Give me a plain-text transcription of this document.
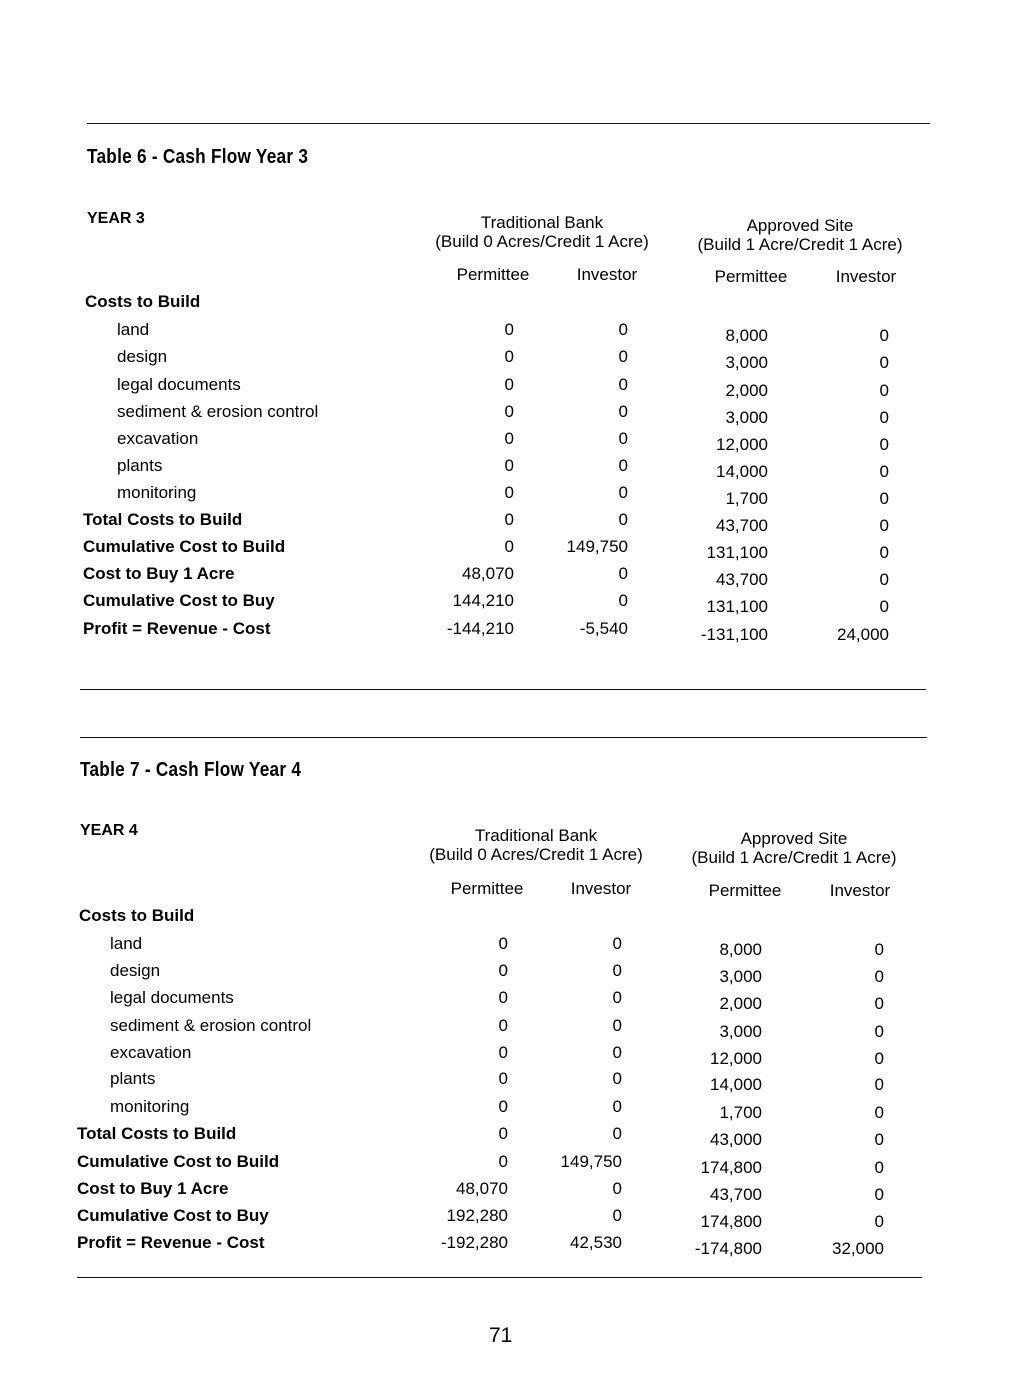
Table 6 - Cash Flow Year 3
YEAR 3	Traditional Bank
(Build 0 Acres/Credit 1 Acre)
Approved Site
(Build 1 Acre/Credit 1 Acre)
Permittee	Investor	Permittee	Investor
Costs to Build
land	0	0	8,000	0
design	0	0	3,000	0
legal documents	0	0	2,000	0
sediment & erosion control	0	0	3,000	0
excavation	0	0	12,000	0
plants	0	0	14,000	0
monitoring	0	0	1,700	0
Total Costs to Build	0	0	43,700	0
Cumulative Cost to Build	0	149,750	131,100	0
Cost to Buy 1 Acre	48,070	0	43,700	0
Cumulative Cost to Buy	144,210	0	131,100	0
Profit = Revenue - Cost	-144,210	-5,540	-131,100	24,000
Table 7 - Cash Flow Year 4
YEAR 4	Traditional Bank
(Build 0 Acres/Credit 1 Acre)
Approved Site
(Build 1 Acre/Credit 1 Acre)
Permittee	Investor	Permittee	Investor
Costs to Build
land	0	0	8,000	0
design	0	0	3,000	0
legal documents	0	0	2,000	0
sediment & erosion control	0	0	3,000	0
excavation	0	0	12,000	0
plants	0	0	14,000	0
monitoring	0	0	1,700	0
Total Costs to Build	0	0	43,000	0
Cumulative Cost to Build	0	149,750	174,800	0
Cost to Buy 1 Acre	48,070	0	43,700	0
Cumulative Cost to Buy	192,280	0	174,800	0
Profit = Revenue - Cost	-192,280	42,530	-174,800	32,000
71
